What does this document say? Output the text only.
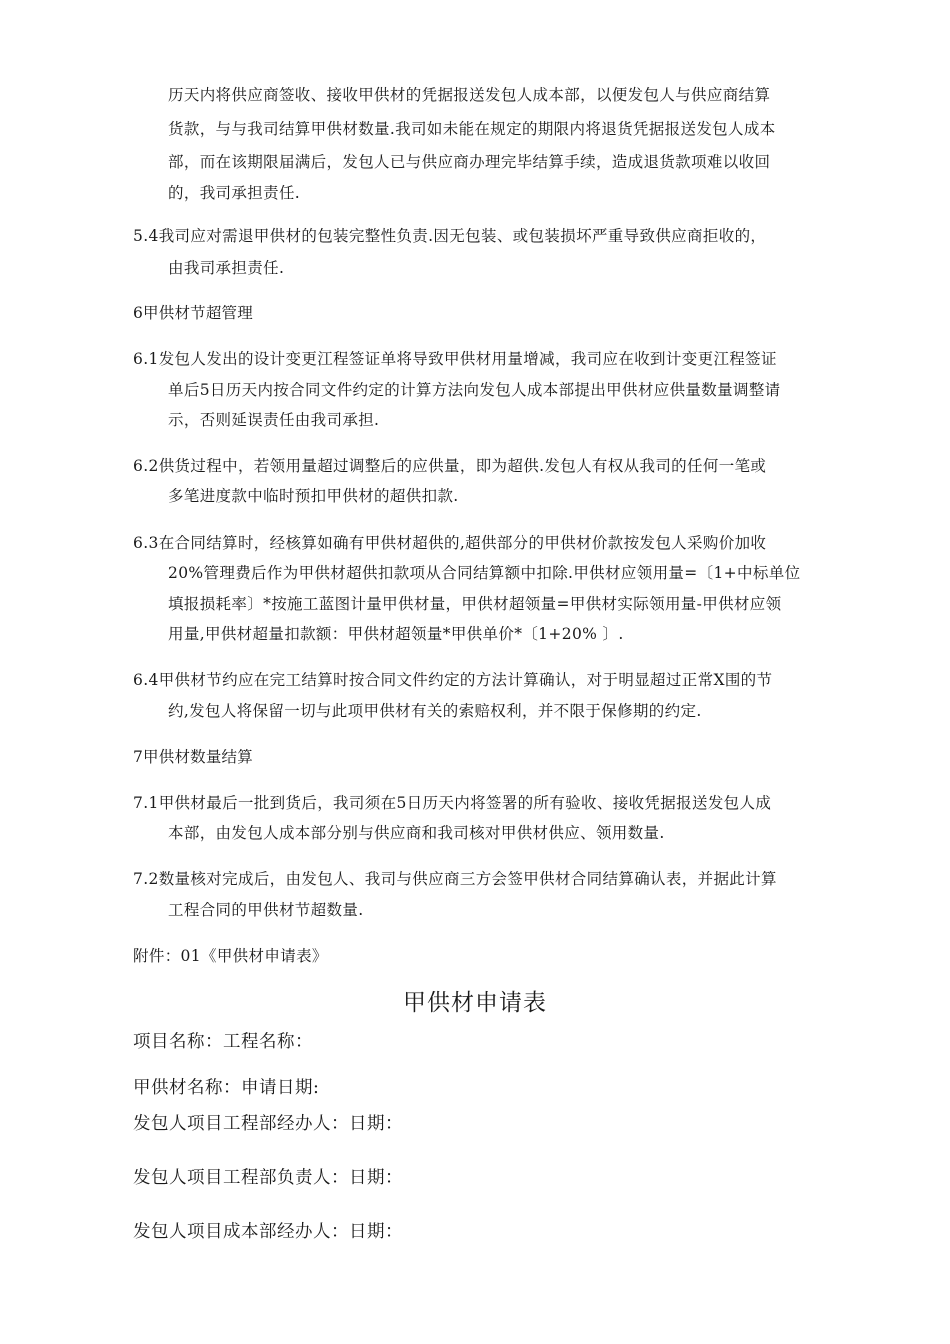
历天内将供应商签收、接收甲供材的凭据报送发包人成本部，以便发包人与供应商结算
货款，与与我司结算甲供材数量.我司如未能在规定的期限内将退货凭据报送发包人成本
部，而在该期限届满后，发包人已与供应商办理完毕结算手续，造成退货款项难以收回
的，我司承担责任.
5.4我司应对需退甲供材的包装完整性负责.因无包装、或包装损坏严重导致供应商拒收的，
由我司承担责任.
6甲供材节超管理
6.1发包人发出的设计变更江程签证单将导致甲供材用量增减，我司应在收到计变更江程签证
单后5日历天内按合同文件约定的计算方法向发包人成本部提出甲供材应供量数量调整请
示，否则延误责任由我司承担.
6.2供货过程中，若领用量超过调整后的应供量，即为超供.发包人有权从我司的任何一笔或
多笔进度款中临时预扣甲供材的超供扣款.
6.3在合同结算时，经核算如确有甲供材超供的,超供部分的甲供材价款按发包人采购价加收
20%管理费后作为甲供材超供扣款项从合同结算额中扣除.甲供材应领用量=〔1+中标单位
填报损耗率〕*按施工蓝图计量甲供材量，甲供材超领量=甲供材实际领用量-甲供材应领
用量,甲供材超量扣款额：甲供材超领量*甲供单价*〔1+20% 〕.
6.4甲供材节约应在完工结算时按合同文件约定的方法计算确认，对于明显超过正常X围的节
约,发包人将保留一切与此项甲供材有关的索赔权利，并不限于保修期的约定.
7甲供材数量结算
7.1甲供材最后一批到货后，我司须在5日历天内将签署的所有验收、接收凭据报送发包人成
本部，由发包人成本部分别与供应商和我司核对甲供材供应、领用数量.
7.2数量核对完成后，由发包人、我司与供应商三方会签甲供材合同结算确认表，并据此计算
工程合同的甲供材节超数量.
附件：01《甲供材申请表》
甲供材申请表
项目名称：工程名称：
甲供材名称：申请日期:
发包人项目工程部经办人：日期：
发包人项目工程部负责人：日期：
发包人项目成本部经办人：日期：
